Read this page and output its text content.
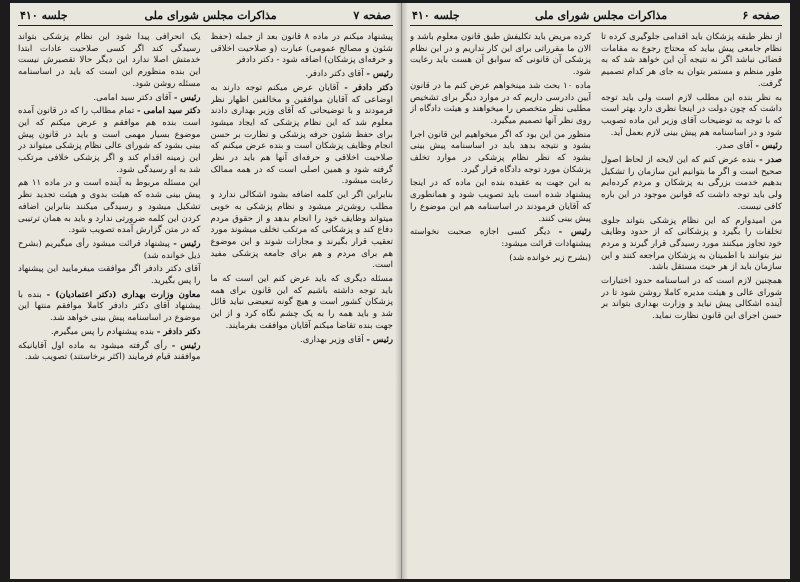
صفحه ۷
مذاکرات مجلس شورای ملی
جلسه ۴۱۰

پیشنهاد میکنم در ماده ۸ قانون بعد از جمله (حفظ شئون و مصالح عمومی) عبارت (و صلاحیت اخلاقی و حرفه‌ای پزشکان) اضافه شود - دکتر دادفر

رئیس - آقای دکتر دادفر.

دکتر دادفر - آقایان عرض میکنم توجه دارند به اوضاعی که آقایان موافقین و مخالفین اظهار نظر فرمودند و با توضیحاتی که آقای وزیر بهداری دادند معلوم شد که این نظام پزشکی که ایجاد میشود برای حفظ شئون حرفه پزشکی و نظارت بر حسن انجام وظایف پزشکان است و بنده عرض میکنم که صلاحیت اخلاقی و حرفه‌ای آنها هم باید در نظر گرفته شود و همین اصلی است که در همه ممالک رعایت میشود.

بنابراین اگر این کلمه اضافه بشود اشکالی ندارد و مطلب روشن‌تر میشود و نظام پزشکی به خوبی میتواند وظایف خود را انجام بدهد و از حقوق مردم دفاع کند و پزشکانی که مرتکب تخلف میشوند مورد تعقیب قرار بگیرند و مجازات شوند و این موضوع هم برای مردم و هم برای جامعه پزشکی مفید است.

مسئله دیگری که باید عرض کنم این است که ما باید توجه داشته باشیم که این قانون برای همه پزشکان کشور است و هیچ گونه تبعیضی نباید قائل شد و باید همه را به یک چشم نگاه کرد و از این جهت بنده تقاضا میکنم آقایان موافقت بفرمایند.

رئیس - آقای وزیر بهداری.

یک انحرافی پیدا شود این نظام پزشکی بتواند رسیدگی کند اگر کسی صلاحیت عادات ابتدا خدمتش اصلا ندارد این دیگر حالا تقصیرش نیست این بنده منظورم این است که باید در اساسنامه مسئله روشن شود.

رئیس - آقای دکتر سید امامی.

دکتر سید امامی - تمام مطالب را که در قانون آمده است بنده هم موافقم و عرض میکنم که این موضوع بسیار مهمی است و باید در قانون پیش بینی بشود که شورای عالی نظام پزشکی میتواند در این زمینه اقدام کند و اگر پزشکی خلافی مرتکب شد به او رسیدگی شود.

این مسئله مربوط به آینده است و در ماده ۱۱ هم پیش بینی شده که هیئت بدوی و هیئت تجدید نظر تشکیل میشود و رسیدگی میکنند بنابراین اضافه کردن این کلمه ضرورتی ندارد و باید به همان ترتیبی که در متن گزارش آمده تصویب شود.

رئیس - پیشنهاد قرائت میشود رأی میگیریم (بشرح ذیل خوانده شد)

آقای دکتر دادفر اگر موافقت میفرمایید این پیشنهاد را پس بگیرید.

معاون وزارت بهداری (دکتر اعتمادیان) - بنده با پیشنهاد آقای دکتر دادفر کاملا موافقم منتها این موضوع در اساسنامه پیش بینی خواهد شد.

دکتر دادفر - بنده پیشنهادم را پس میگیرم.

رئیس - رأی گرفته میشود به ماده اول آقایانیکه موافقند قیام فرمایند (اکثر برخاستند) تصویب شد.

صفحه ۶
مذاکرات مجلس شورای ملی
جلسه ۴۱۰

از نظر طبقه پزشکان باید اقدامی جلوگیری کرده تا نظام جامعی پیش بیاید که محتاج رجوع به مقامات قضائی نباشد اگر نه نتیجه آن این خواهد شد که به طور منظم و مستمر بتوان به جای هر کدام تصمیم گرفت.

به نظر بنده این مطلب لازم است ولی باید توجه داشت که چون دولت در اینجا نظری دارد بهتر است که با توجه به توضیحات آقای وزیر این ماده تصویب شود و در اساسنامه هم پیش بینی لازم بعمل آید.

رئیس - آقای صدر.

صدر - بنده عرض کنم که این لایحه از لحاظ اصول صحیح است و اگر ما بتوانیم این سازمان را تشکیل بدهیم خدمت بزرگی به پزشکان و مردم کرده‌ایم ولی باید توجه داشت که قوانین موجود در این باره کافی نیست.

من امیدوارم که این نظام پزشکی بتواند جلوی تخلفات را بگیرد و پزشکانی که از حدود وظایف خود تجاوز میکنند مورد رسیدگی قرار گیرند و مردم نیز بتوانند با اطمینان به پزشکان مراجعه کنند و این سازمان باید از هر حیث مستقل باشد.

همچنین لازم است که در اساسنامه حدود اختیارات شورای عالی و هیئت مدیره کاملا روشن شود تا در آینده اشکالی پیش نیاید و وزارت بهداری بتواند بر حسن اجرای این قانون نظارت نماید.

کرده مریض باید تکلیفش طبق قانون معلوم باشد و الان ما مقرراتی برای این کار نداریم و در این نظام پزشکی آن قانونی که سوابق آن هست باید رعایت شود.

ماده ۱۰ بحث شد مینخواهم عرض کنم ما در قانون آیین دادرسی داریم که در موارد دیگر برای تشخیص مطلبی نظر متخصص را میخواهند و هیئت دادگاه از روی نظر آنها تصمیم میگیرد.

منظور من این بود که اگر میخواهیم این قانون اجرا بشود و نتیجه بدهد باید در اساسنامه پیش بینی بشود که نظر نظام پزشکی در موارد تخلف پزشکان مورد توجه دادگاه قرار گیرد.

به این جهت به عقیده بنده این ماده که در اینجا پیشنهاد شده است باید تصویب شود و همانطوری که آقایان فرمودند در اساسنامه هم این موضوع را پیش بینی کنند.

رئیس - دیگر کسی اجازه صحبت نخواسته پیشنهادات قرائت میشود:

(بشرح زیر خوانده شد)
